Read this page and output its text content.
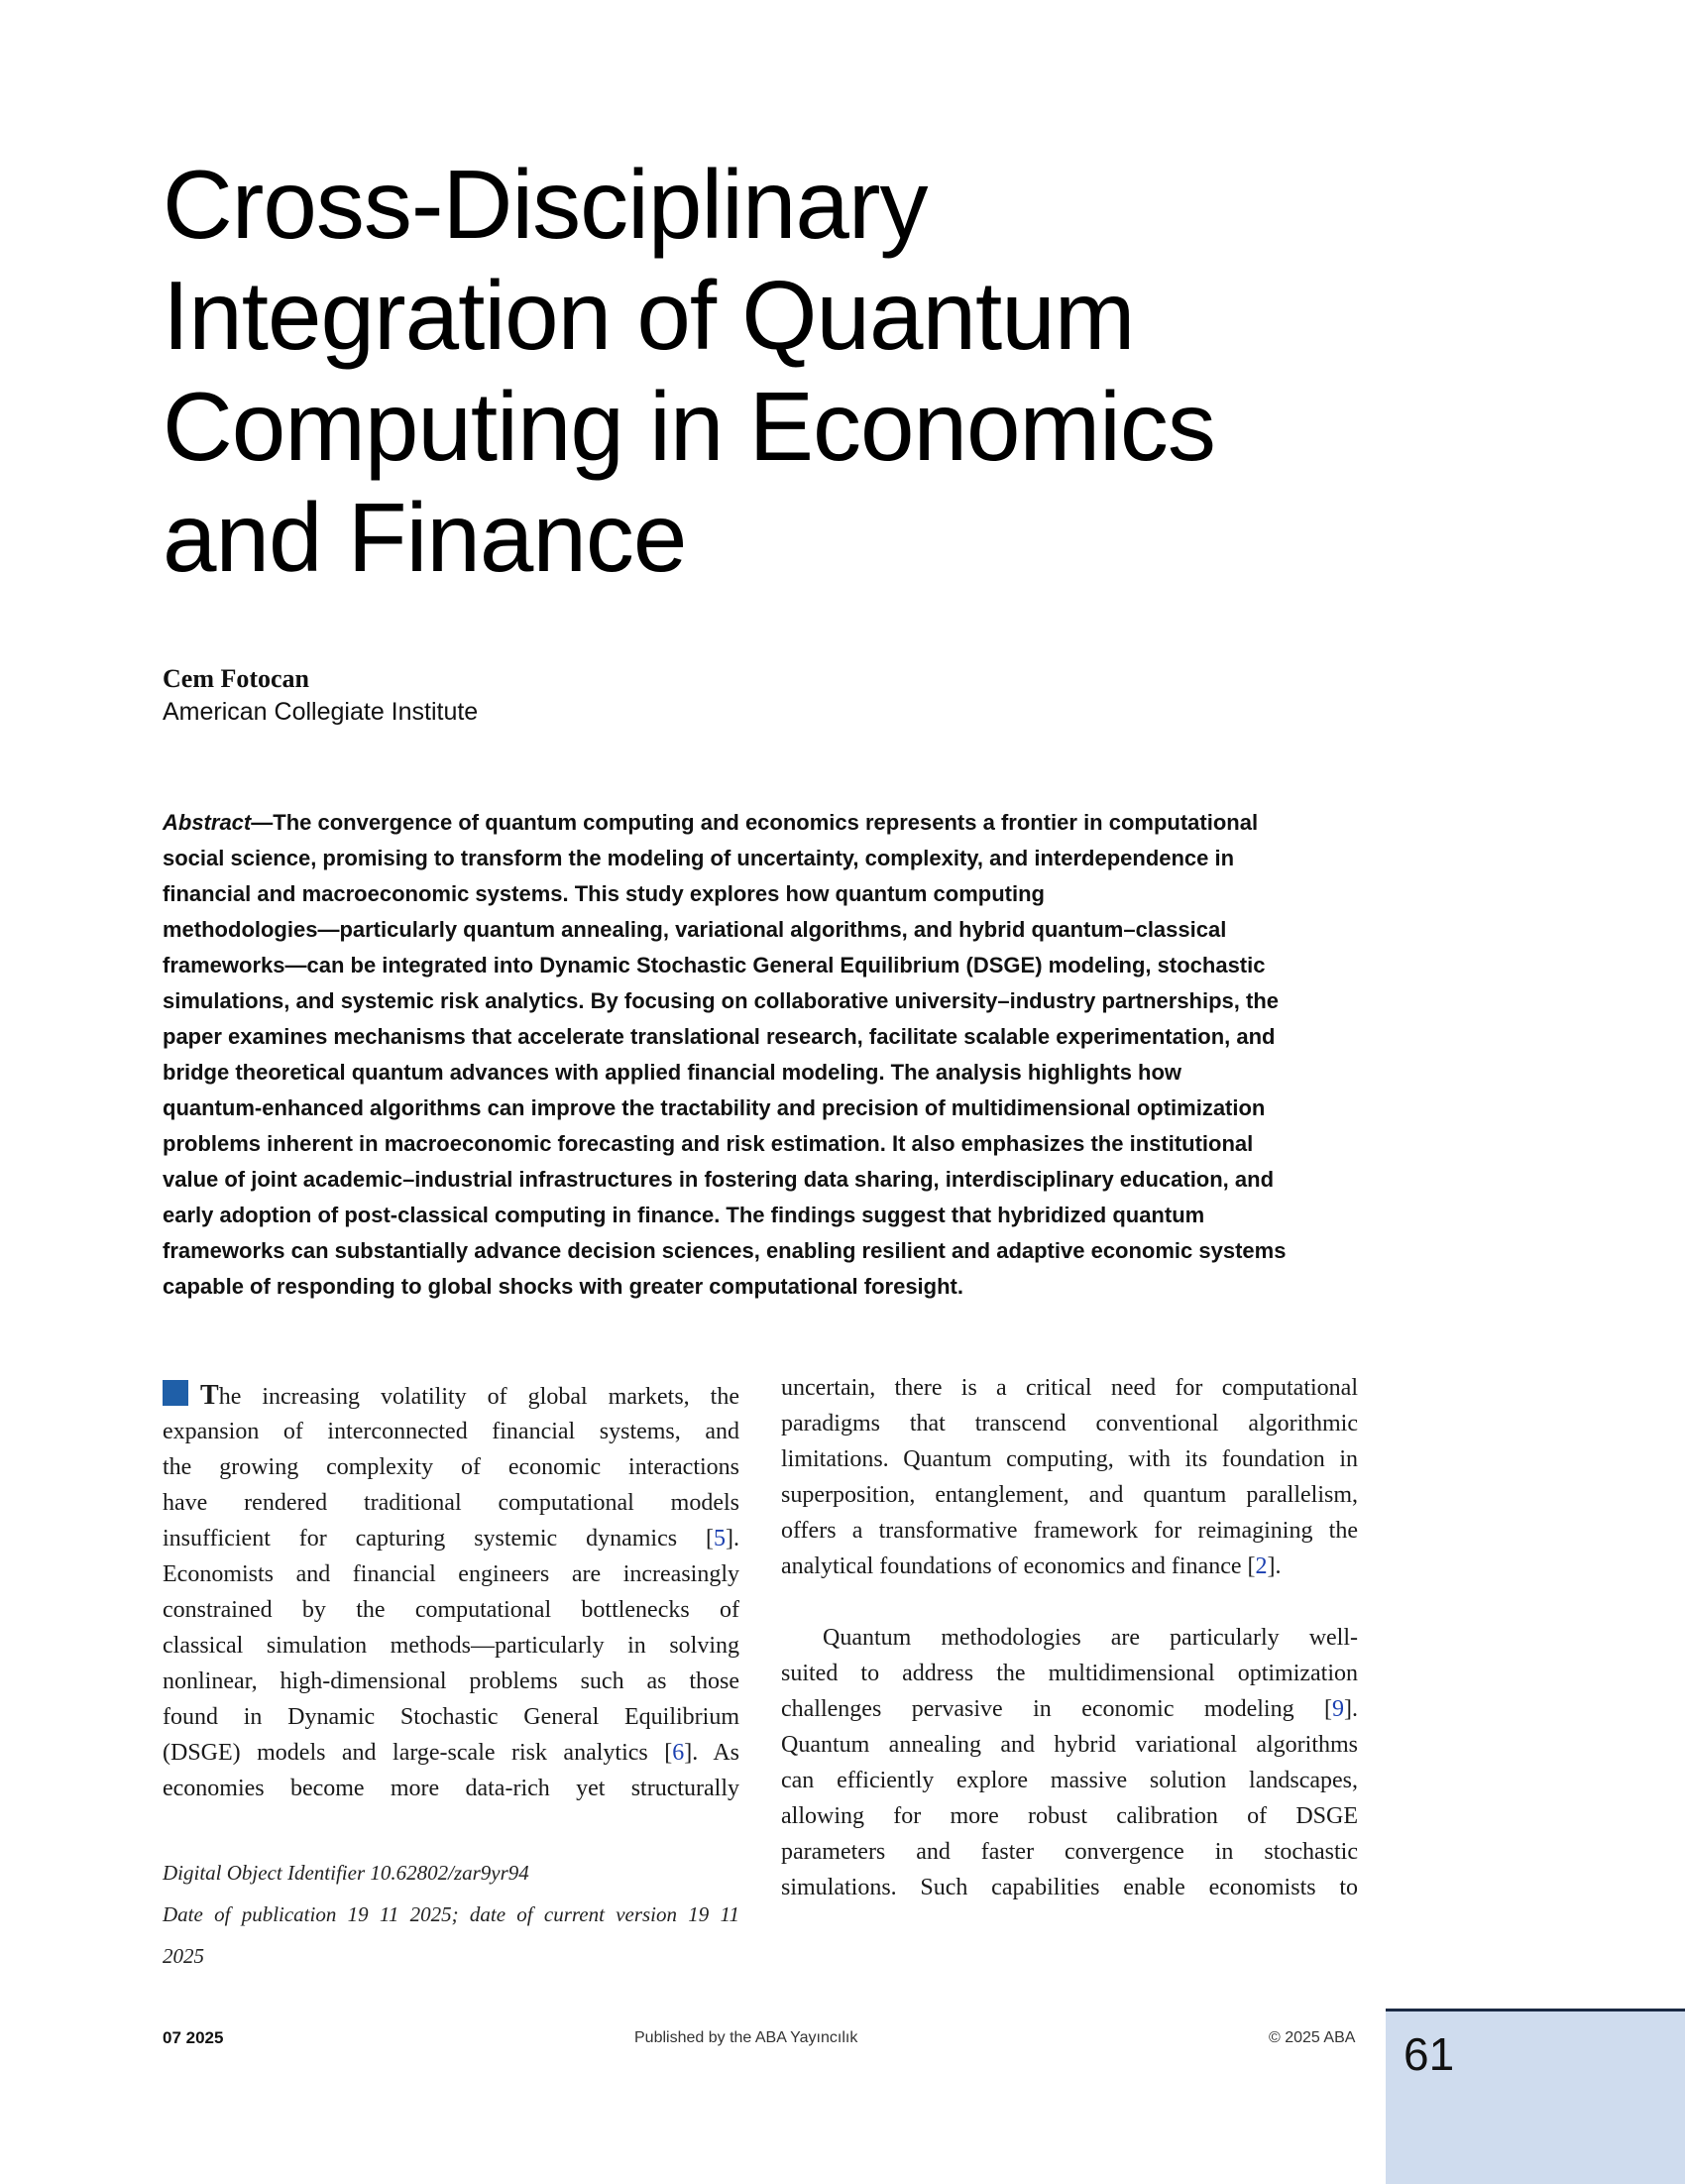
Cross-Disciplinary
Integration of Quantum
Computing in Economics
and Finance
Cem Fotocan
American Collegiate Institute
Abstract—The convergence of quantum computing and economics represents a frontier in computational
social science, promising to transform the modeling of uncertainty, complexity, and interdependence in
financial and macroeconomic systems. This study explores how quantum computing
methodologies—particularly quantum annealing, variational algorithms, and hybrid quantum–classical
frameworks—can be integrated into Dynamic Stochastic General Equilibrium (DSGE) modeling, stochastic
simulations, and systemic risk analytics. By focusing on collaborative university–industry partnerships, the
paper examines mechanisms that accelerate translational research, facilitate scalable experimentation, and
bridge theoretical quantum advances with applied financial modeling. The analysis highlights how
quantum-enhanced algorithms can improve the tractability and precision of multidimensional optimization
problems inherent in macroeconomic forecasting and risk estimation. It also emphasizes the institutional
value of joint academic–industrial infrastructures in fostering data sharing, interdisciplinary education, and
early adoption of post-classical computing in finance. The findings suggest that hybridized quantum
frameworks can substantially advance decision sciences, enabling resilient and adaptive economic systems
capable of responding to global shocks with greater computational foresight.
The increasing volatility of global markets, the
expansion of interconnected financial systems, and
the growing complexity of economic interactions
have rendered traditional computational models
insufficient for capturing systemic dynamics [5].
Economists and financial engineers are increasingly
constrained by the computational bottlenecks of
classical simulation methods—particularly in solving
nonlinear, high-dimensional problems such as those
found in Dynamic Stochastic General Equilibrium
(DSGE) models and large-scale risk analytics [6]. As
economies become more data-rich yet structurally
uncertain, there is a critical need for computational
paradigms that transcend conventional algorithmic
limitations. Quantum computing, with its foundation in
superposition, entanglement, and quantum parallelism,
offers a transformative framework for reimagining the
analytical foundations of economics and finance [2].
Quantum methodologies are particularly well-
suited to address the multidimensional optimization
challenges pervasive in economic modeling [9].
Quantum annealing and hybrid variational algorithms
can efficiently explore massive solution landscapes,
allowing for more robust calibration of DSGE
parameters and faster convergence in stochastic
simulations. Such capabilities enable economists to
Digital Object Identifier 10.62802/zar9yr94
Date of publication 19 11 2025; date of current version 19 11
2025
07 2025	Published by the ABA Yayıncılık	© 2025 ABA 61
